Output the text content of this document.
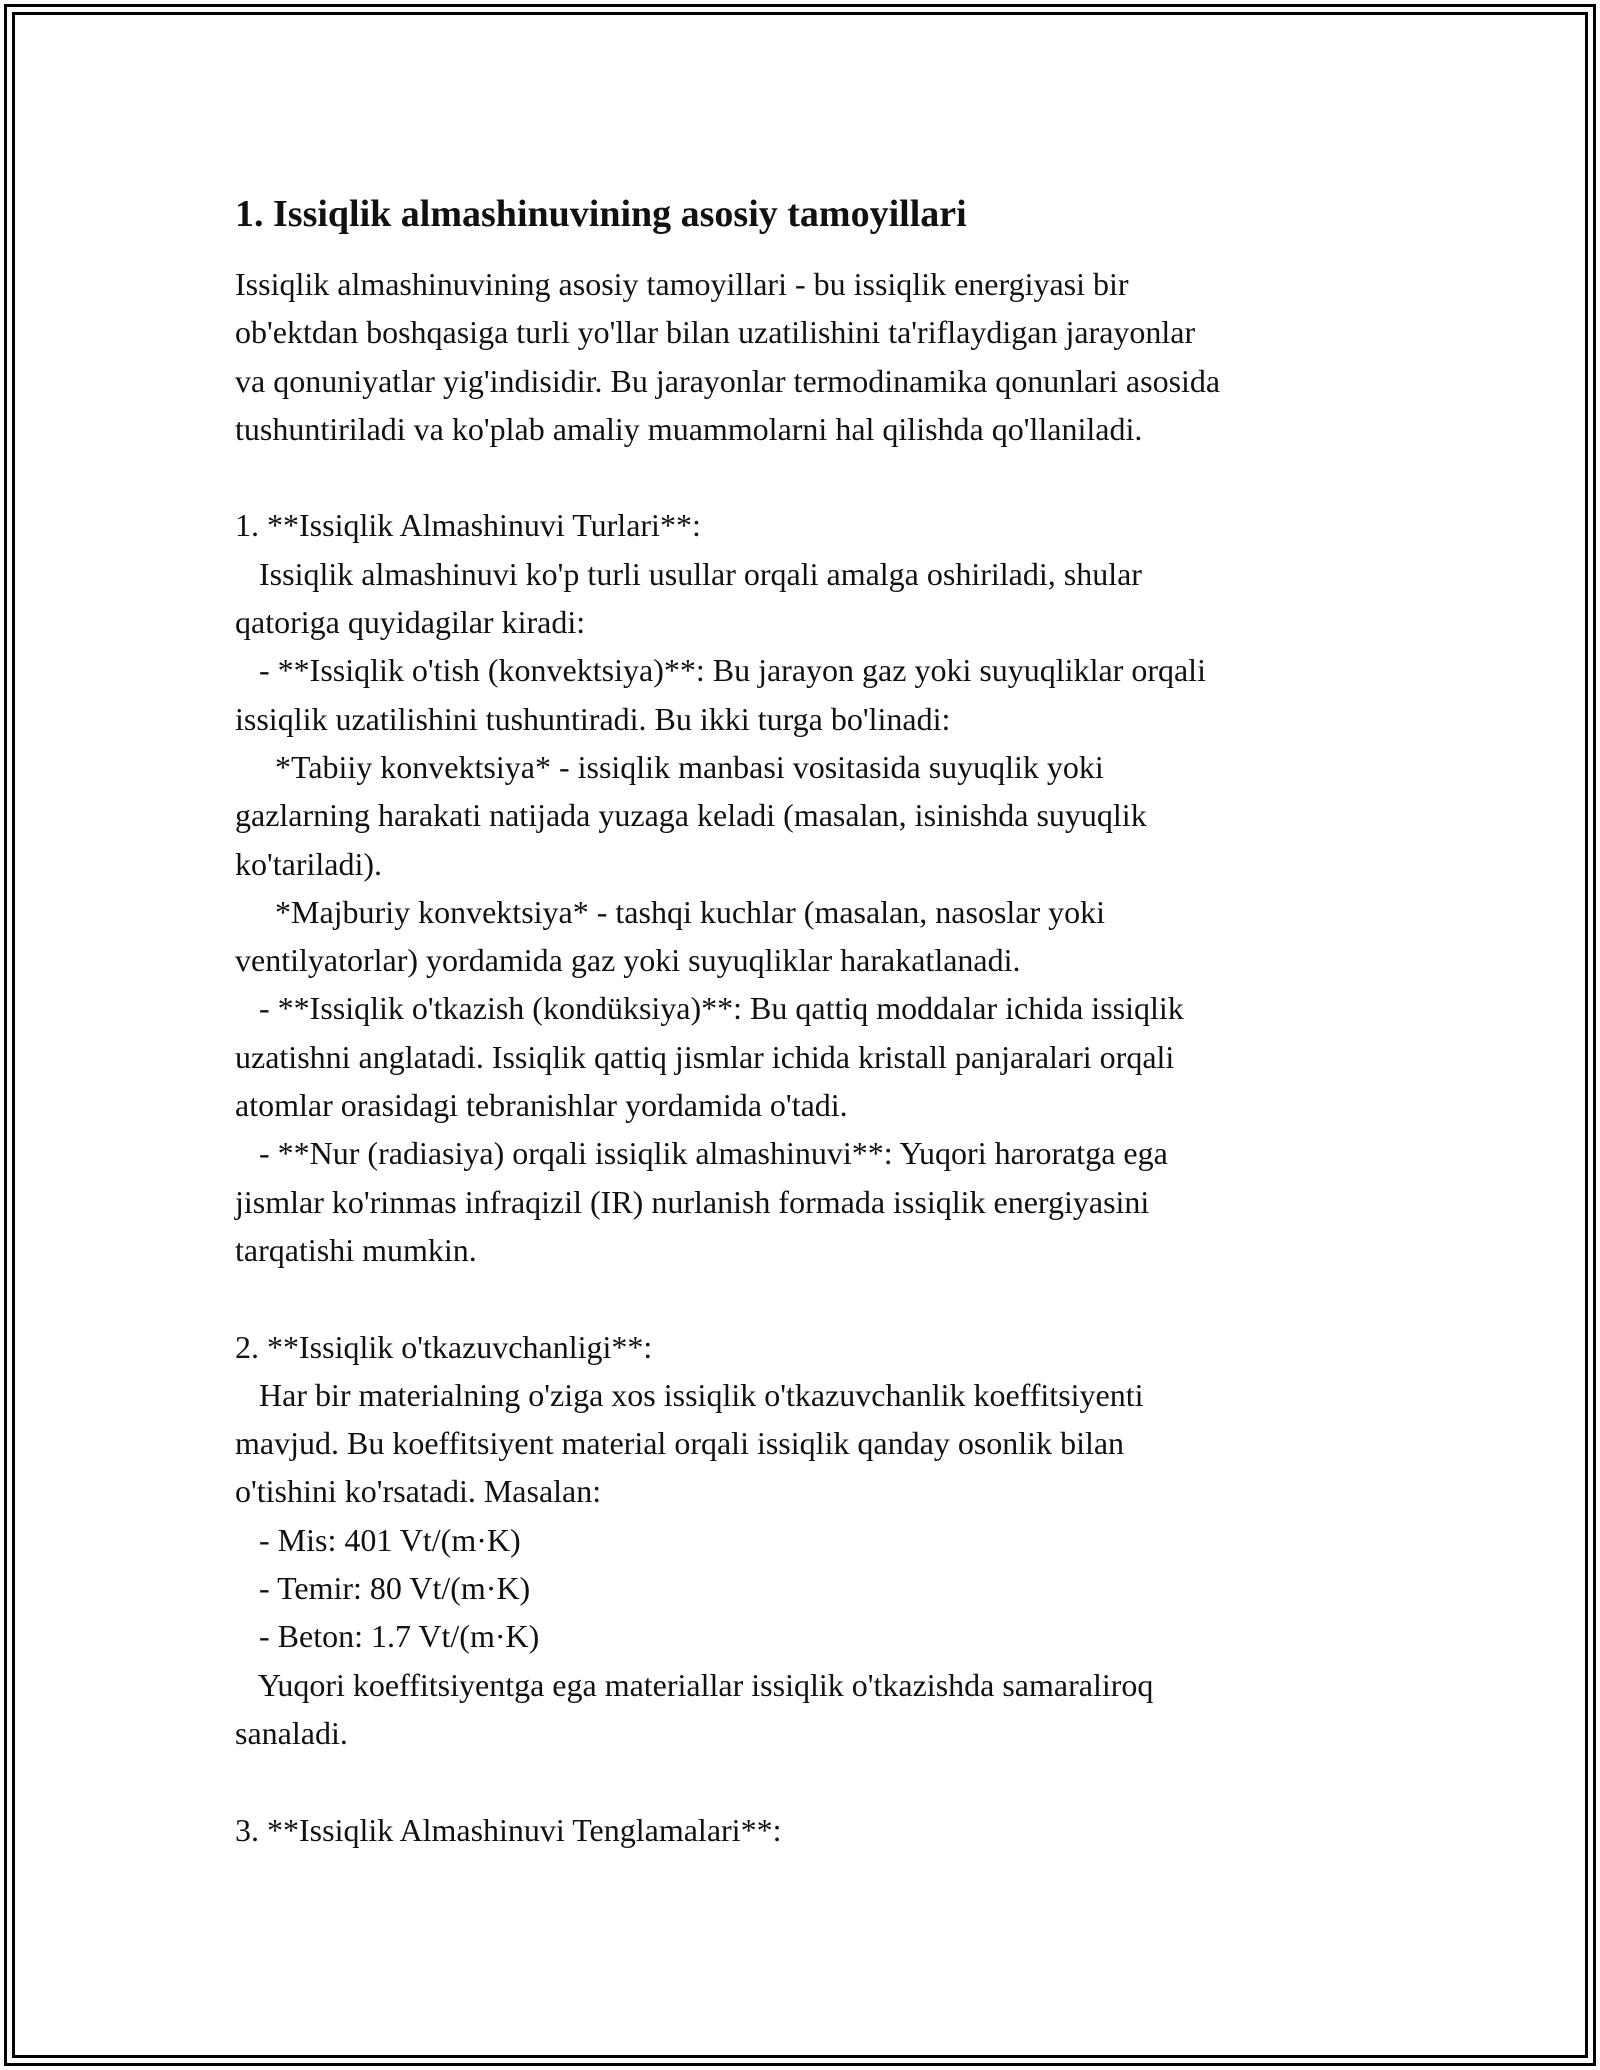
1. Issiqlik almashinuvining asosiy tamoyillari
Issiqlik almashinuvining asosiy tamoyillari - bu issiqlik energiyasi bir
ob'ektdan boshqasiga turli yo'llar bilan uzatilishini ta'riflaydigan jarayonlar
va qonuniyatlar yig'indisidir. Bu jarayonlar termodinamika qonunlari asosida
tushuntiriladi va ko'plab amaliy muammolarni hal qilishda qo'llaniladi.
1. **Issiqlik Almashinuvi Turlari**:
Issiqlik almashinuvi ko'p turli usullar orqali amalga oshiriladi, shular
qatoriga quyidagilar kiradi:
- **Issiqlik o'tish (konvektsiya)**: Bu jarayon gaz yoki suyuqliklar orqali
issiqlik uzatilishini tushuntiradi. Bu ikki turga bo'linadi:
*Tabiiy konvektsiya* - issiqlik manbasi vositasida suyuqlik yoki
gazlarning harakati natijada yuzaga keladi (masalan, isinishda suyuqlik
ko'tariladi).
*Majburiy konvektsiya* - tashqi kuchlar (masalan, nasoslar yoki
ventilyatorlar) yordamida gaz yoki suyuqliklar harakatlanadi.
- **Issiqlik o'tkazish (kondüksiya)**: Bu qattiq moddalar ichida issiqlik
uzatishni anglatadi. Issiqlik qattiq jismlar ichida kristall panjaralari orqali
atomlar orasidagi tebranishlar yordamida o'tadi.
- **Nur (radiasiya) orqali issiqlik almashinuvi**: Yuqori haroratga ega
jismlar ko'rinmas infraqizil (IR) nurlanish formada issiqlik energiyasini
tarqatishi mumkin.
2. **Issiqlik o'tkazuvchanligi**:
Har bir materialning o'ziga xos issiqlik o'tkazuvchanlik koeffitsiyenti
mavjud. Bu koeffitsiyent material orqali issiqlik qanday osonlik bilan
o'tishini ko'rsatadi. Masalan:
- Mis: 401 Vt/(m·K)
- Temir: 80 Vt/(m·K)
- Beton: 1.7 Vt/(m·K)
Yuqori koeffitsiyentga ega materiallar issiqlik o'tkazishda samaraliroq
sanaladi.
3. **Issiqlik Almashinuvi Tenglamalari**:
